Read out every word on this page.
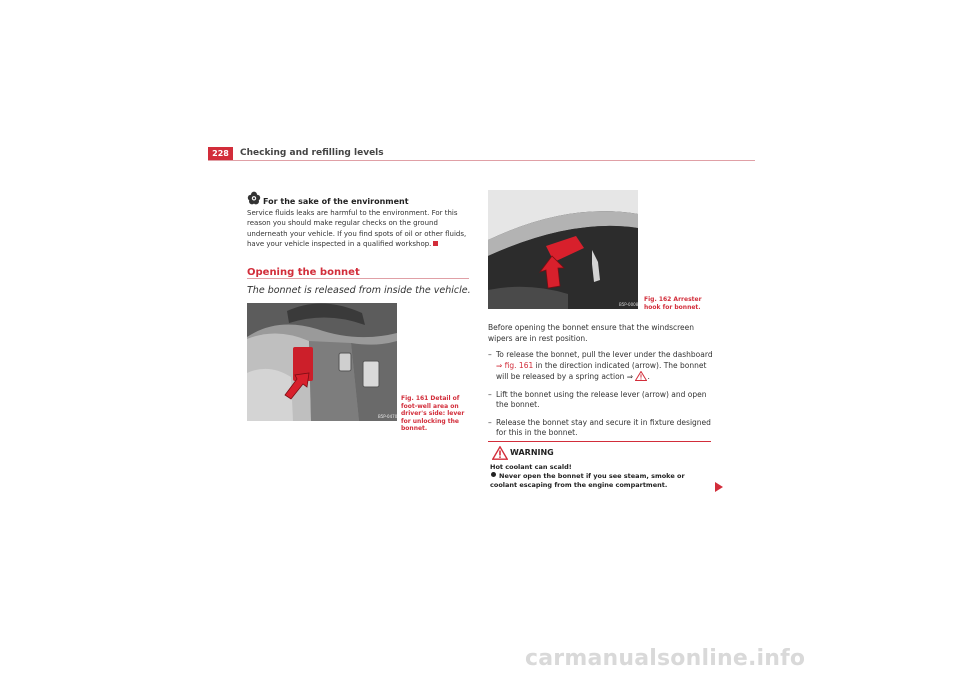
228	Checking and refilling levels
For the sake of the environment
Service fluids leaks are harmful to the environment. For this reason you should make regular checks on the ground underneath your vehicle. If you find spots of oil or other fluids, have your vehicle inspected in a qualified workshop.
Opening the bonnet
The bonnet is released from inside the vehicle.
B5P-0470
Fig. 161 Detail of foot-well area on driver's side: lever for unlocking the bonnet.
B5P-0008
Fig. 162 Arrester hook for bonnet.

Before opening the bonnet ensure that the windscreen wipers are in rest position.

– To release the bonnet, pull the lever under the dashboard ⇒ fig. 161 in the direction indicated (arrow). The bonnet will be released by a spring action ⇒ .
– Lift the bonnet using the release lever (arrow) and open the bonnet.
– Release the bonnet stay and secure it in fixture designed for this in the bonnet.
WARNING
Hot coolant can scald!
Never open the bonnet if you see steam, smoke or coolant escaping from the engine compartment.
carmanualsonline.info
